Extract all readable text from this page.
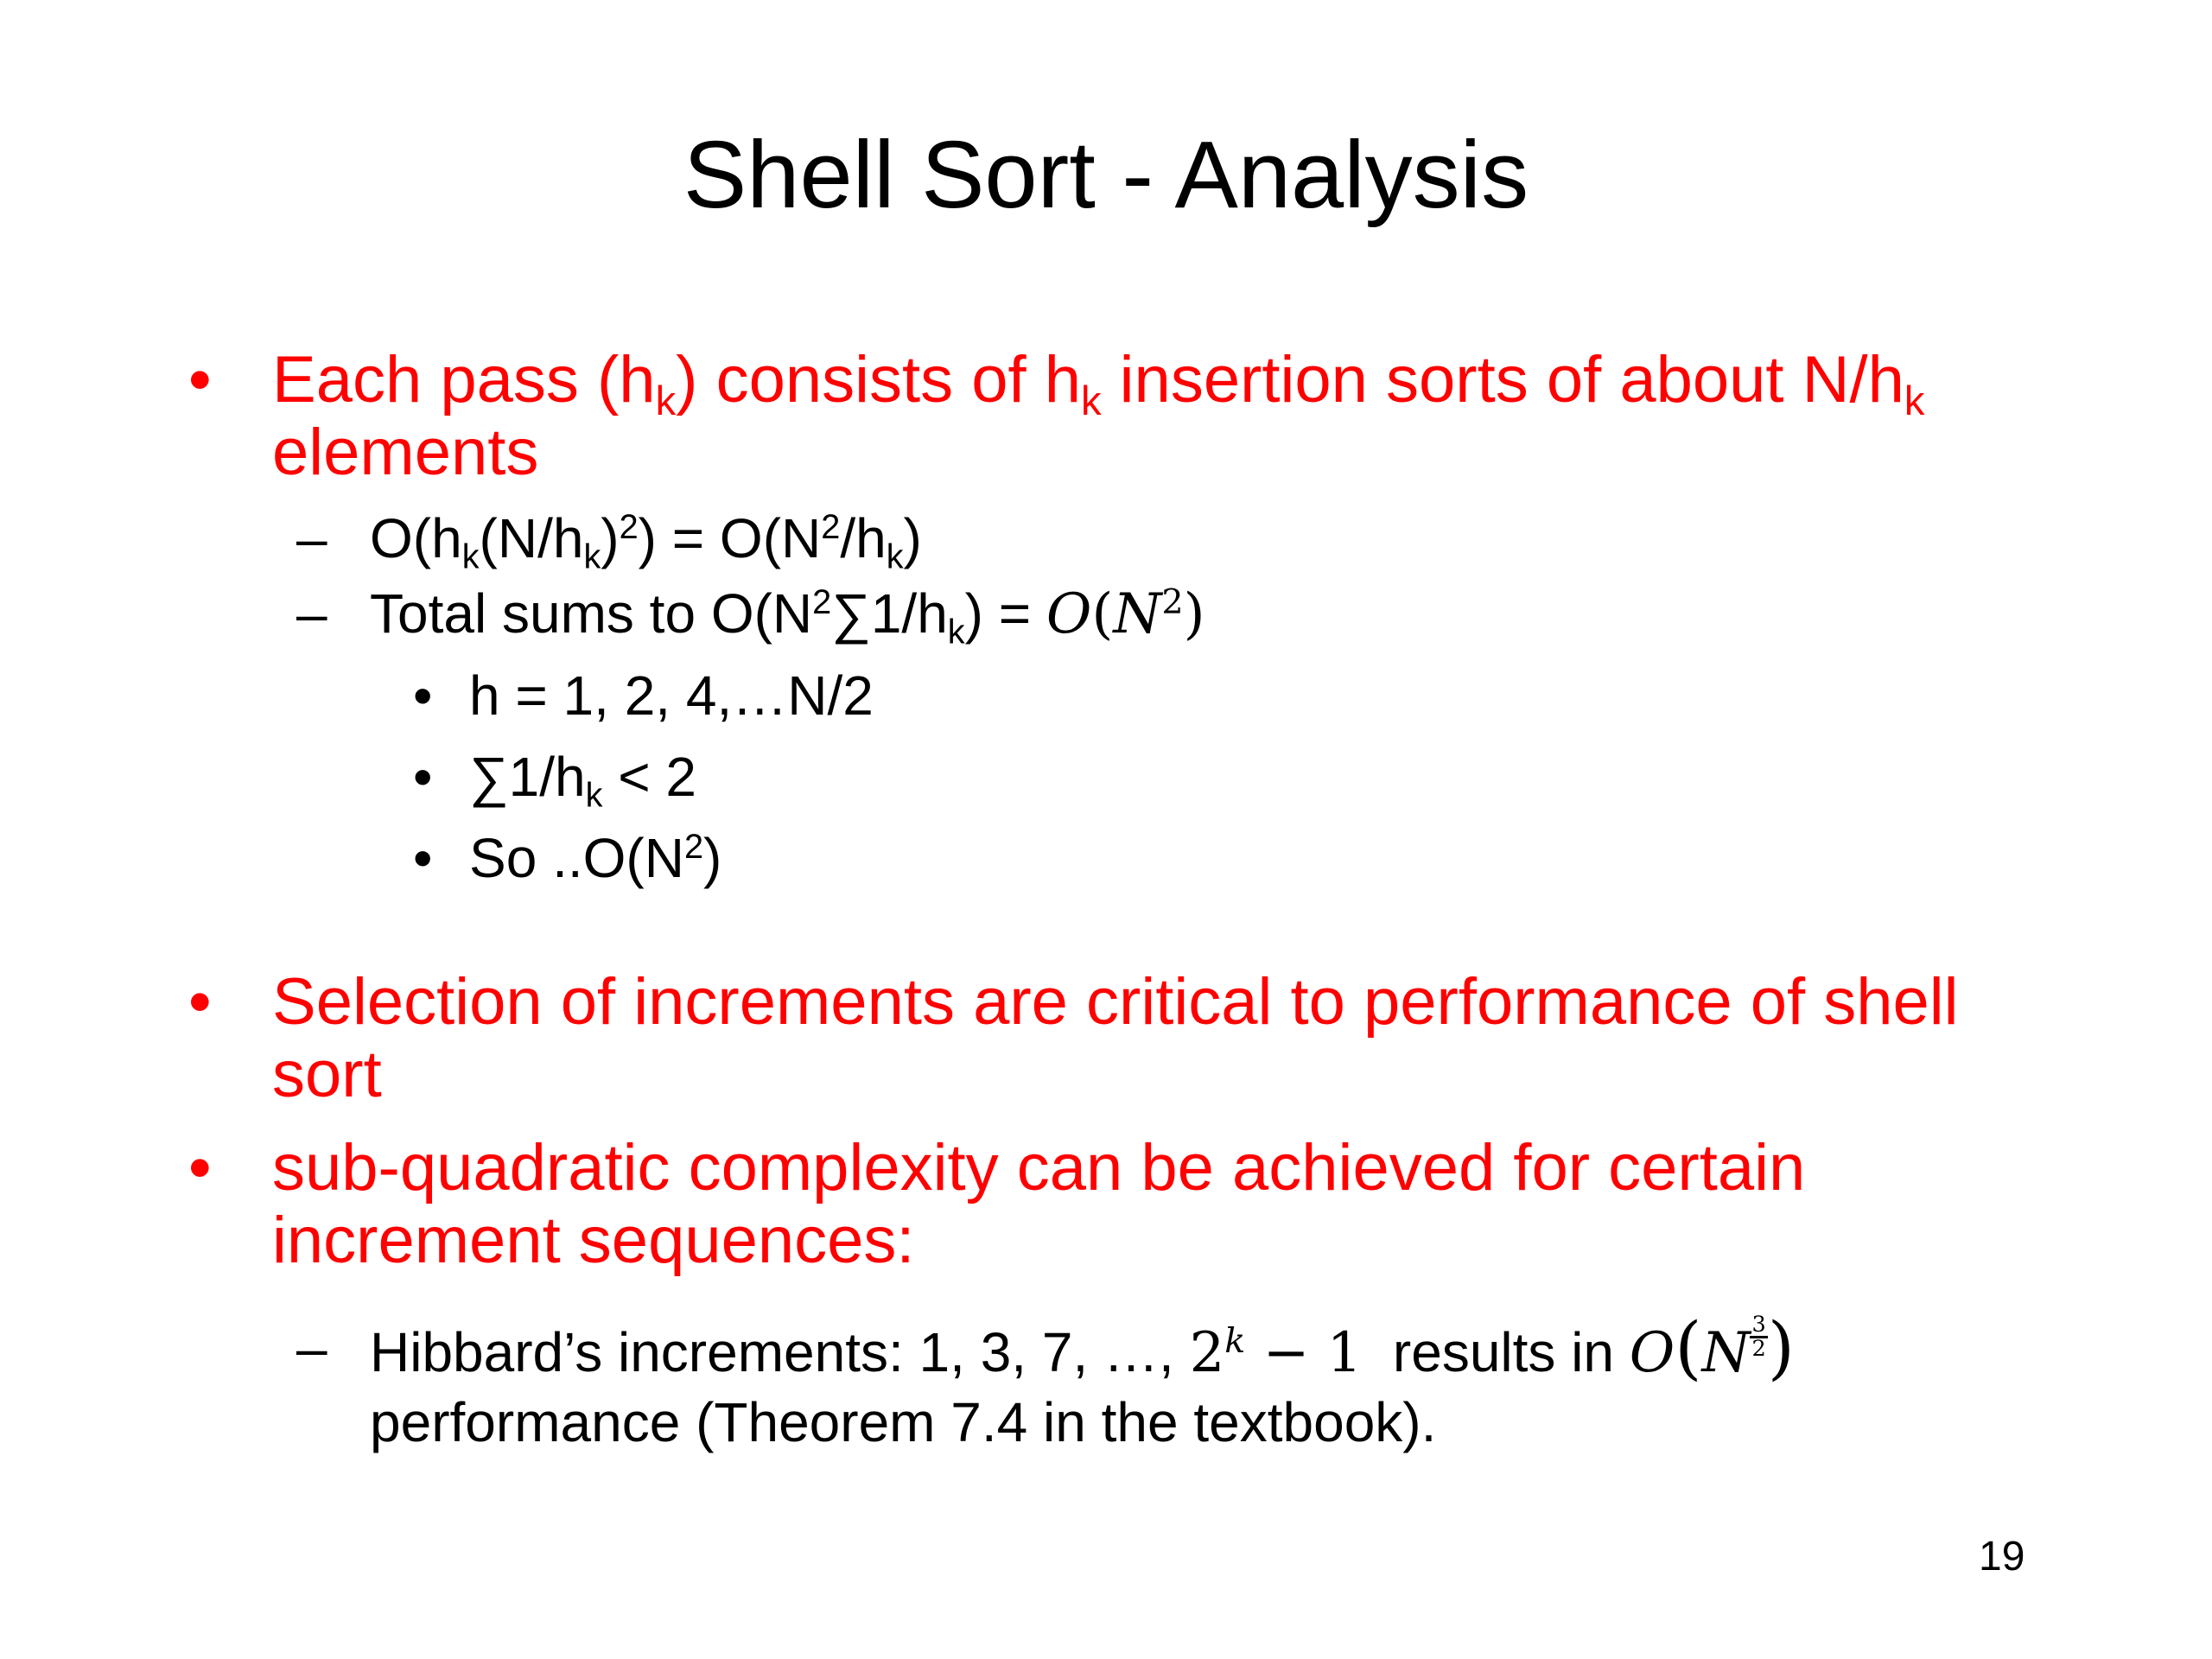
Shell Sort - Analysis
• Each pass $(h_k)$ consists of $h_k$ insertion sorts of about $N/h_k$
elements
– $O(h_k(N/h_k)^2) = O(N^2/h_k)$
– Total sums to $O(N^2\sum 1/h_k) = O(N^2)$
• h = 1, 2, 4,…N/2
• $\sum 1/h_k < 2$
• So $..O(N^2)$
• Selection of increments are critical to performance of shell
sort
• sub-quadratic complexity can be achieved for certain
increment sequences:
– Hibbard’s increments: 1, 3, 7, …, $2^k - 1$  results in $O(N \frac{3}{2}$ )
performance (Theorem 7.4 in the textbook).
19
